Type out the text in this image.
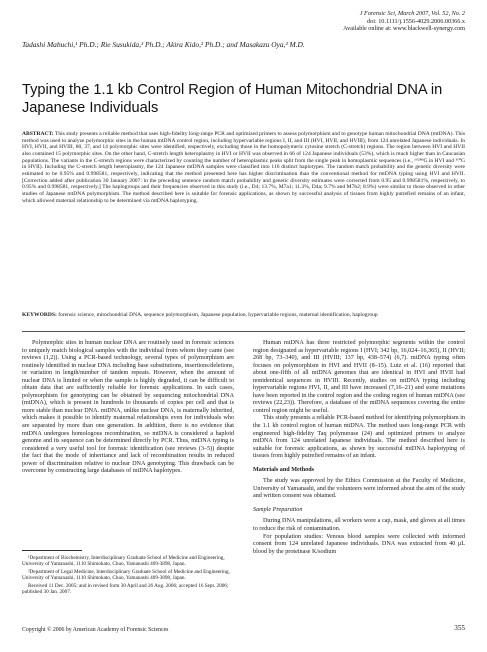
J Forensic Sci, March 2007, Vol. 52, No. 2
doi: 10.1111/j.1556-4029.2006.00366.x
Available online at: www.blackwell-synergy.com
Tadashi Mabuchi,¹ Ph.D.; Rie Susukida,² Ph.D.; Akira Kido,² Ph.D.; and Masakazu Oya,² M.D.
Typing the 1.1 kb Control Region of Human Mitochondrial DNA in Japanese Individuals
ABSTRACT: This study presents a reliable method that uses high-fidelity long-range PCR and optimized primers to assess polymorphism and to genotype human mitochondrial DNA (mtDNA). This method was used to analyze polymorphic sites in the human mtDNA control region, including hypervariable regions I, II, and III (HVI, HVII, and HVIII), from 124 unrelated Japanese individuals. In HVI, HVII, and HVIII, 80, 37, and 14 polymorphic sites were identified, respectively, excluding those in the homopolymeric cytosine stretch (C-stretch) regions. The region between HVI and HVII also contained 15 polymorphic sites. On the other hand, C-stretch length heteroplasmy in HVI or HVII was observed in 66 of 124 Japanese individuals (53%), which is much higher than in Caucasian populations. The variants in the C-stretch regions were characterized by counting the number of heteroplasmic peaks split from the single peak in homoplasmic sequences (i.e., ¹⁶²⁸⁹G in HVI and ³¹⁰G in HVII). Including the C-stretch length heteroplasmy, the 124 Japanese mtDNA samples were classified into 116 distinct haplotypes. The random match probability and the genetic diversity were estimated to be 0.95% and 0.998581, respectively, indicating that the method presented here has higher discrimination than the conventional method for mtDNA typing using HVI and HVII. [Correction added after publication 30 January 2007: in the preceding sentence random match probability and genetic diversity estimates were corrected from 0.95 and 0.998581%, respectively, to 0.95% and 0.998581, respectively.] The haplogroups and their frequencies observed in this study (i.e., D4; 13.7%, M7a1; 11.3%, D4a; 9.7% and M7b2; 8.9%) were similar to those observed in other studies of Japanese mtDNA polymorphism. The method described here is suitable for forensic applications, as shown by successful analysis of tissues from highly putrefied remains of an infant, which allowed maternal relationship to be determined via mtDNA haplotyping.
KEYWORDS: forensic science, mitochondrial DNA, sequence polymorphism, Japanese population, hypervariable regions, maternal identification, haplogroup

Polymorphic sites in human nuclear DNA are routinely used in forensic sciences to uniquely match biological samples with the individual from whom they came (see reviews (1,2)). Using a PCR-based technology, several types of polymorphism are routinely identified in nuclear DNA including base substitutions, insertions/deletions, or variation in length/number of tandem repeats. However, when the amount of nuclear DNA is limited or when the sample is highly degraded, it can be difficult to obtain data that are sufficiently reliable for forensic applications. In such cases, polymorphism for genotyping can be obtained by sequencing mitochondrial DNA (mtDNA), which is present in hundreds to thousands of copies per cell and that is more stable than nuclear DNA. mtDNA, unlike nuclear DNA, is maternally inherited, which makes it possible to identify maternal relationships even for individuals who are separated by more than one generation. In addition, there is no evidence that mtDNA undergoes homologous recombination, so mtDNA is considered a haploid genome and its sequence can be determined directly by PCR. Thus, mtDNA typing is considered a very useful tool for forensic identification (see reviews (3–5)) despite the fact that the mode of inheritance and lack of recombination results in reduced power of discrimination relative to nuclear DNA genotyping. This drawback can be overcome by constructing large databases of mtDNA haplotypes.

Human mtDNA has three restricted polymorphic segments within the control region designated as hypervariable regions I (HVI; 342 bp, 16,024–16,365), II (HVII; 268 bp, 73–340), and III (HVIII; 137 bp, 438–574) (6,7). mtDNA typing often focuses on polymorphism in HVI and HVII (8–15). Lutz et al. (16) reported that about one-fifth of all mtDNA genomes that are identical in HVI and HVII had nonidentical sequences in HVIII. Recently, studies on mtDNA typing including hypervariable regions HVI, II, and III have increased (7,16–21) and some mutations have been reported in the control region and the coding region of human mtDNA (see reviews (22,23)). Therefore, a database of the mtDNA sequences covering the entire control region might be useful.

This study presents a reliable PCR-based method for identifying polymorphism in the 1.1 kb control region of human mtDNA. The method uses long-range PCR with engineered high-fidelity Taq polymerase (24) and optimized primers to analyze mtDNA from 124 unrelated Japanese individuals. The method described here is suitable for forensic applications, as shown by successful mtDNA haplotyping of tissues from highly putrefied remains of an infant.

Materials and Methods

The study was approved by the Ethics Commission at the Faculty of Medicine, University of Yamanashi, and the volunteers were informed about the aim of the study and written consent was obtained.

Sample Preparation

During DNA manipulations, all workers wore a cap, mask, and gloves at all times to reduce the risk of contamination.

For population studies: Venous blood samples were collected with informed consent from 124 unrelated Japanese individuals. DNA was extracted from 40 μL blood by the proteinase K/sodium

¹Department of Biochemistry, Interdisciplinary Graduate School of Medicine and Engineering, University of Yamanashi, 1110 Shimokato, Chuo, Yamanashi 409-3898, Japan.

²Department of Legal Medicine, Interdisciplinary Graduate School of Medicine and Engineering, University of Yamanashi, 1110 Shimokato, Chuo, Yamanashi 409-3898, Japan.

Received 11 Dec. 2005; and in revised form 30 April and 26 Aug. 2006; accepted 16 Sept. 2006; published 30 Jan. 2007.

Copyright © 2006 by American Academy of Forensic Sciences	355
